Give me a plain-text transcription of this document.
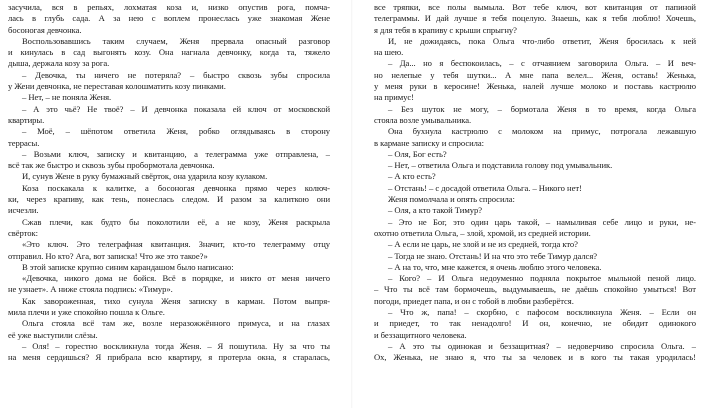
засучила, вся в репьях, лохматая коза и, низко опустив рога, помча-
лась в глубь сада. А за нею с воплем пронеслась уже знакомая Жене
босоногая девчонка.
Воспользовавшись таким случаем, Женя прервала опасный разговор
и кинулась в сад выгонять козу. Она нагнала девчонку, когда та, тяжело
дыша, держала козу за рога.
– Девочка, ты ничего не потеряла? – быстро сквозь зубы спросила
у Жени девчонка, не переставая колошматить козу пинками.
– Нет, – не поняла Женя.
– А это чьё? Не твоё? – И девчонка показала ей ключ от московской
квартиры.
– Моё, – шёпотом ответила Женя, робко оглядываясь в сторону
террасы.
– Возьми ключ, записку и квитанцию, а телеграмма уже отправлена, –
всё так же быстро и сквозь зубы пробормотала девчонка.
И, сунув Жене в руку бумажный свёрток, она ударила козу кулаком.
Коза поскакала к калитке, а босоногая девчонка прямо через колюч-
ки, через крапиву, как тень, понеслась следом. И разом за калиткою они
исчезли.
Сжав плечи, как будто бы поколотили её, а не козу, Женя раскрыла
свёрток:
«Это ключ. Это телеграфная квитанция. Значит, кто-то телеграмму отцу
отправил. Но кто? Ага, вот записка! Что же это такое?»
В этой записке крупно синим карандашом было написано:
«Девочка, никого дома не бойся. Всё в порядке, и никто от меня ничего
не узнает». А ниже стояла подпись: «Тимур».
Как завороженная, тихо сунула Женя записку в карман. Потом выпря-
мила плечи и уже спокойно пошла к Ольге.
Ольга стояла всё там же, возле неразожжённого примуса, и на глазах
её уже выступили слёзы.
– Оля! – горестно воскликнула тогда Женя. – Я пошутила. Ну за что ты
на меня сердишься? Я прибрала всю квартиру, я протерла окна, я старалась,
все тряпки, все полы вымыла. Вот тебе ключ, вот квитанция от папиной
телеграммы. И дай лучше я тебя поцелую. Знаешь, как я тебя люблю! Хочешь,
я для тебя в крапиву с крыши спрыгну?
И, не дожидаясь, пока Ольга что-либо ответит, Женя бросилась к ней
на шею.
– Да... но я беспокоилась, – с отчаянием заговорила Ольга. – И веч-
но нелепые у тебя шутки... А мне папа велел... Женя, оставь! Женька,
у меня руки в керосине! Женька, налей лучше молоко и поставь кастрюлю
на примус!
– Без шуток не могу, – бормотала Женя в то время, когда Ольга
стояла возле умывальника.
Она бухнула кастрюлю с молоком на примус, потрогала лежавшую
в кармане записку и спросила:
– Оля, Бог есть?
– Нет, – ответила Ольга и подставила голову под умывальник.
– А кто есть?
– Отстань! – с досадой ответила Ольга. – Никого нет!
Женя помолчала и опять спросила:
– Оля, а кто такой Тимур?
– Это не Бог, это один царь такой, – намыливая себе лицо и руки, не-
охотно ответила Ольга, – злой, хромой, из средней истории.
– А если не царь, не злой и не из средней, тогда кто?
– Тогда не знаю. Отстань! И на что это тебе Тимур дался?
– А на то, что, мне кажется, я очень люблю этого человека.
– Кого? – И Ольга недоуменно подняла покрытое мыльной пеной лицо.
– Что ты всё там бормочешь, выдумываешь, не даёшь спокойно умыться! Вот
погоди, приедет папа, и он с тобой в любви разберётся.
– Что ж, папа! – скорбно, с пафосом воскликнула Женя. – Если он
и приедет, то так ненадолго! И он, конечно, не обидит одинокого
и беззащитного человека.
– А это ты одинокая и беззащитная? – недоверчиво спросила Ольга. –
Ох, Женька, не знаю я, что ты за человек и в кого ты такая уродилась!
